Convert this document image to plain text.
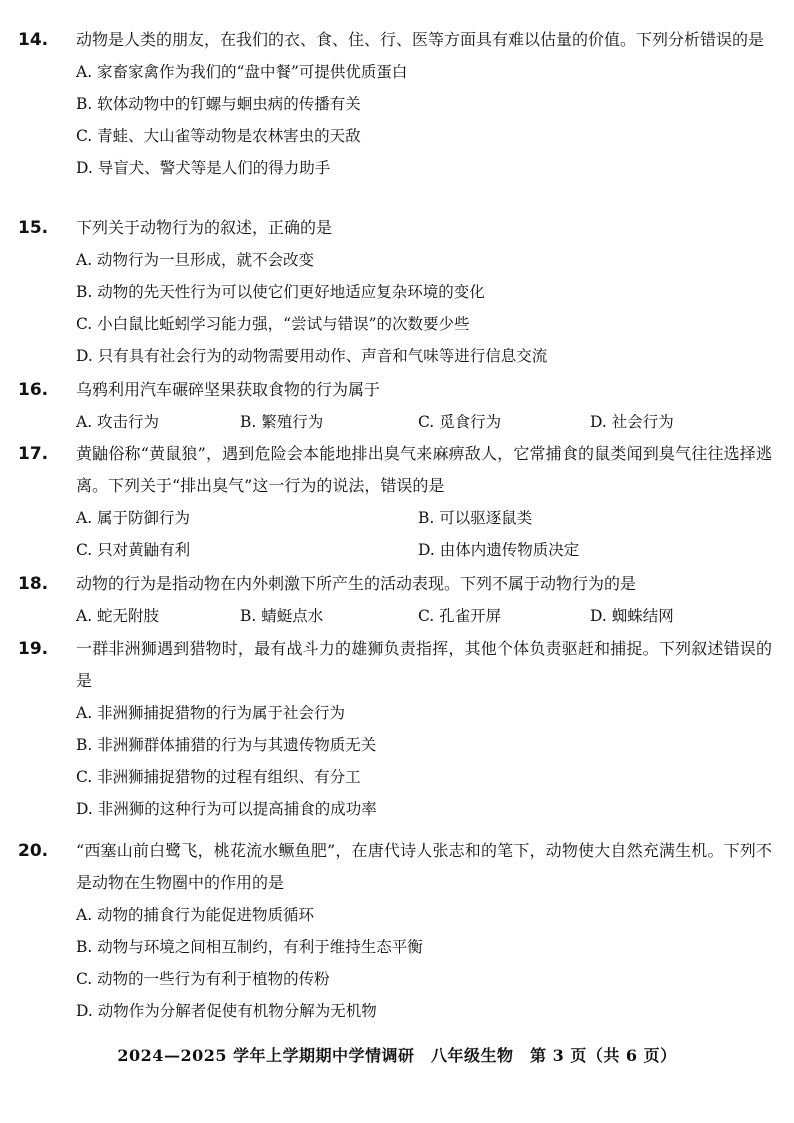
14.	动物是人类的朋友，在我们的衣、食、住、行、医等方面具有难以估量的价值。下列分析错误的是
A. 家畜家禽作为我们的“盘中餐”可提供优质蛋白
B. 软体动物中的钉螺与蛔虫病的传播有关
C. 青蛙、大山雀等动物是农林害虫的天敌
D. 导盲犬、警犬等是人们的得力助手
15.	下列关于动物行为的叙述，正确的是
A. 动物行为一旦形成，就不会改变
B. 动物的先天性行为可以使它们更好地适应复杂环境的变化
C. 小白鼠比蚯蚓学习能力强，“尝试与错误”的次数要少些
D. 只有具有社会行为的动物需要用动作、声音和气味等进行信息交流
16.	乌鸦利用汽车碾碎坚果获取食物的行为属于
A. 攻击行为	B. 繁殖行为	C. 觅食行为	D. 社会行为
17.	黄鼬俗称“黄鼠狼”，遇到危险会本能地排出臭气来麻痹敌人，它常捕食的鼠类闻到臭气往往选择逃离。下列关于“排出臭气”这一行为的说法，错误的是
A. 属于防御行为	B. 可以驱逐鼠类
C. 只对黄鼬有利	D. 由体内遗传物质决定
18.	动物的行为是指动物在内外刺激下所产生的活动表现。下列不属于动物行为的是
A. 蛇无附肢	B. 蜻蜓点水	C. 孔雀开屏	D. 蜘蛛结网
19.	一群非洲狮遇到猎物时，最有战斗力的雄狮负责指挥，其他个体负责驱赶和捕捉。下列叙述错误的是
A. 非洲狮捕捉猎物的行为属于社会行为
B. 非洲狮群体捕猎的行为与其遗传物质无关
C. 非洲狮捕捉猎物的过程有组织、有分工
D. 非洲狮的这种行为可以提高捕食的成功率
20.	“西塞山前白鹭飞，桃花流水鳜鱼肥”，在唐代诗人张志和的笔下，动物使大自然充满生机。下列不是动物在生物圈中的作用的是
A. 动物的捕食行为能促进物质循环
B. 动物与环境之间相互制约，有利于维持生态平衡
C. 动物的一些行为有利于植物的传粉
D. 动物作为分解者促使有机物分解为无机物
2024—2025 学年上学期期中学情调研　八年级生物　第 3 页（共 6 页）
